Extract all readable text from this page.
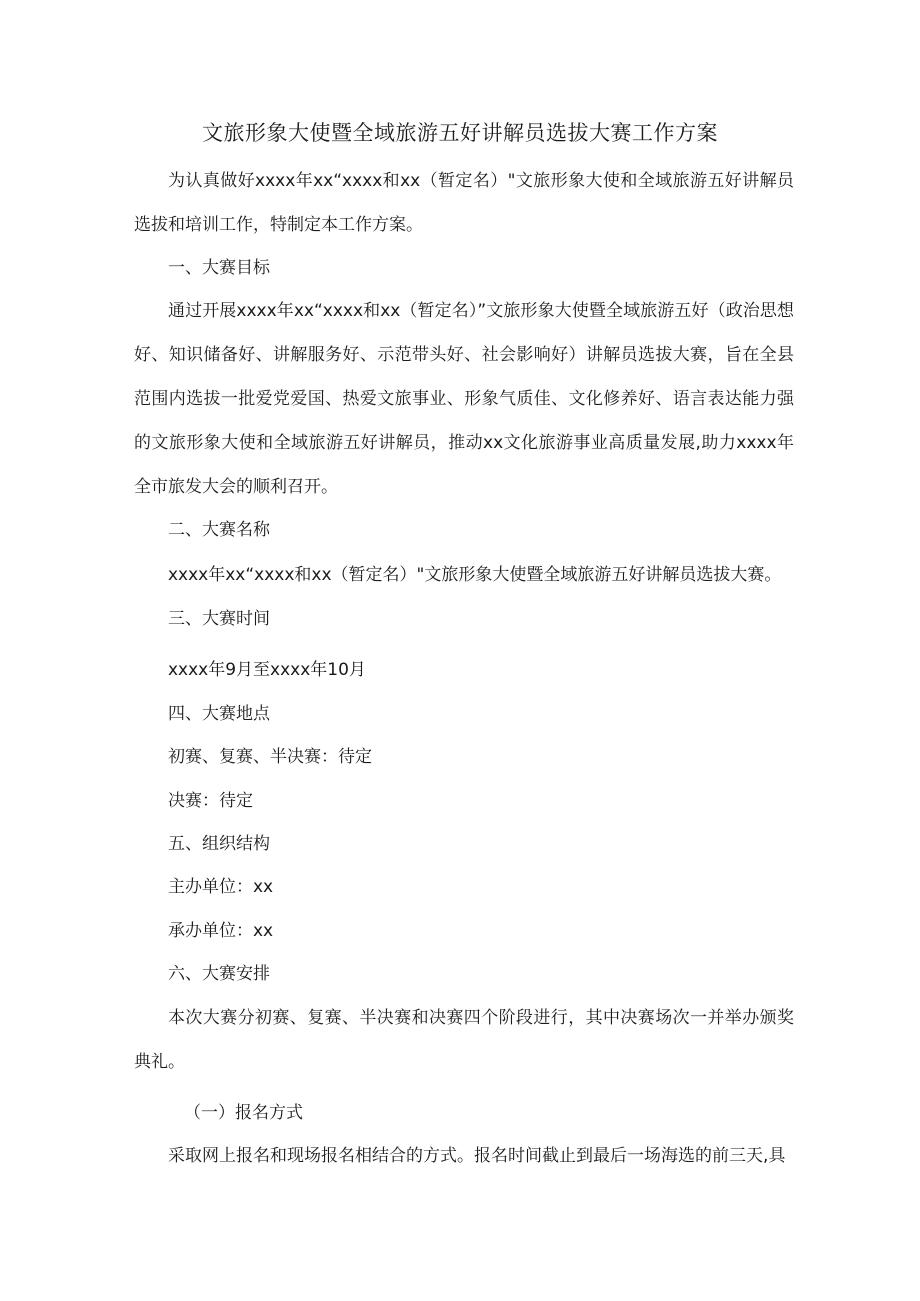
文旅形象大使暨全域旅游五好讲解员选拔大赛工作方案

为认真做好xxxx年xx“xxxx和xx（暂定名）"文旅形象大使和全域旅游五好讲解员选拔和培训工作，特制定本工作方案。

一、大赛目标

通过开展xxxx年xx“xxxx和xx（暂定名）”文旅形象大使暨全域旅游五好（政治思想好、知识储备好、讲解服务好、示范带头好、社会影响好）讲解员选拔大赛，旨在全县范围内选拔一批爱党爱国、热爱文旅事业、形象气质佳、文化修养好、语言表达能力强的文旅形象大使和全域旅游五好讲解员，推动xx文化旅游事业高质量发展,助力xxxx年全市旅发大会的顺利召开。

二、大赛名称
xxxx年xx“xxxx和xx（暂定名）"文旅形象大使暨全域旅游五好讲解员选拔大赛。
三、大赛时间
xxxx年9月至xxxx年10月
四、大赛地点
初赛、复赛、半决赛：待定
决赛：待定
五、组织结构
主办单位：xx
承办单位：xx
六、大赛安排

本次大赛分初赛、复赛、半决赛和决赛四个阶段进行，其中决赛场次一并举办颁奖典礼。

（一）报名方式
采取网上报名和现场报名相结合的方式。报名时间截止到最后一场海选的前三天,具
